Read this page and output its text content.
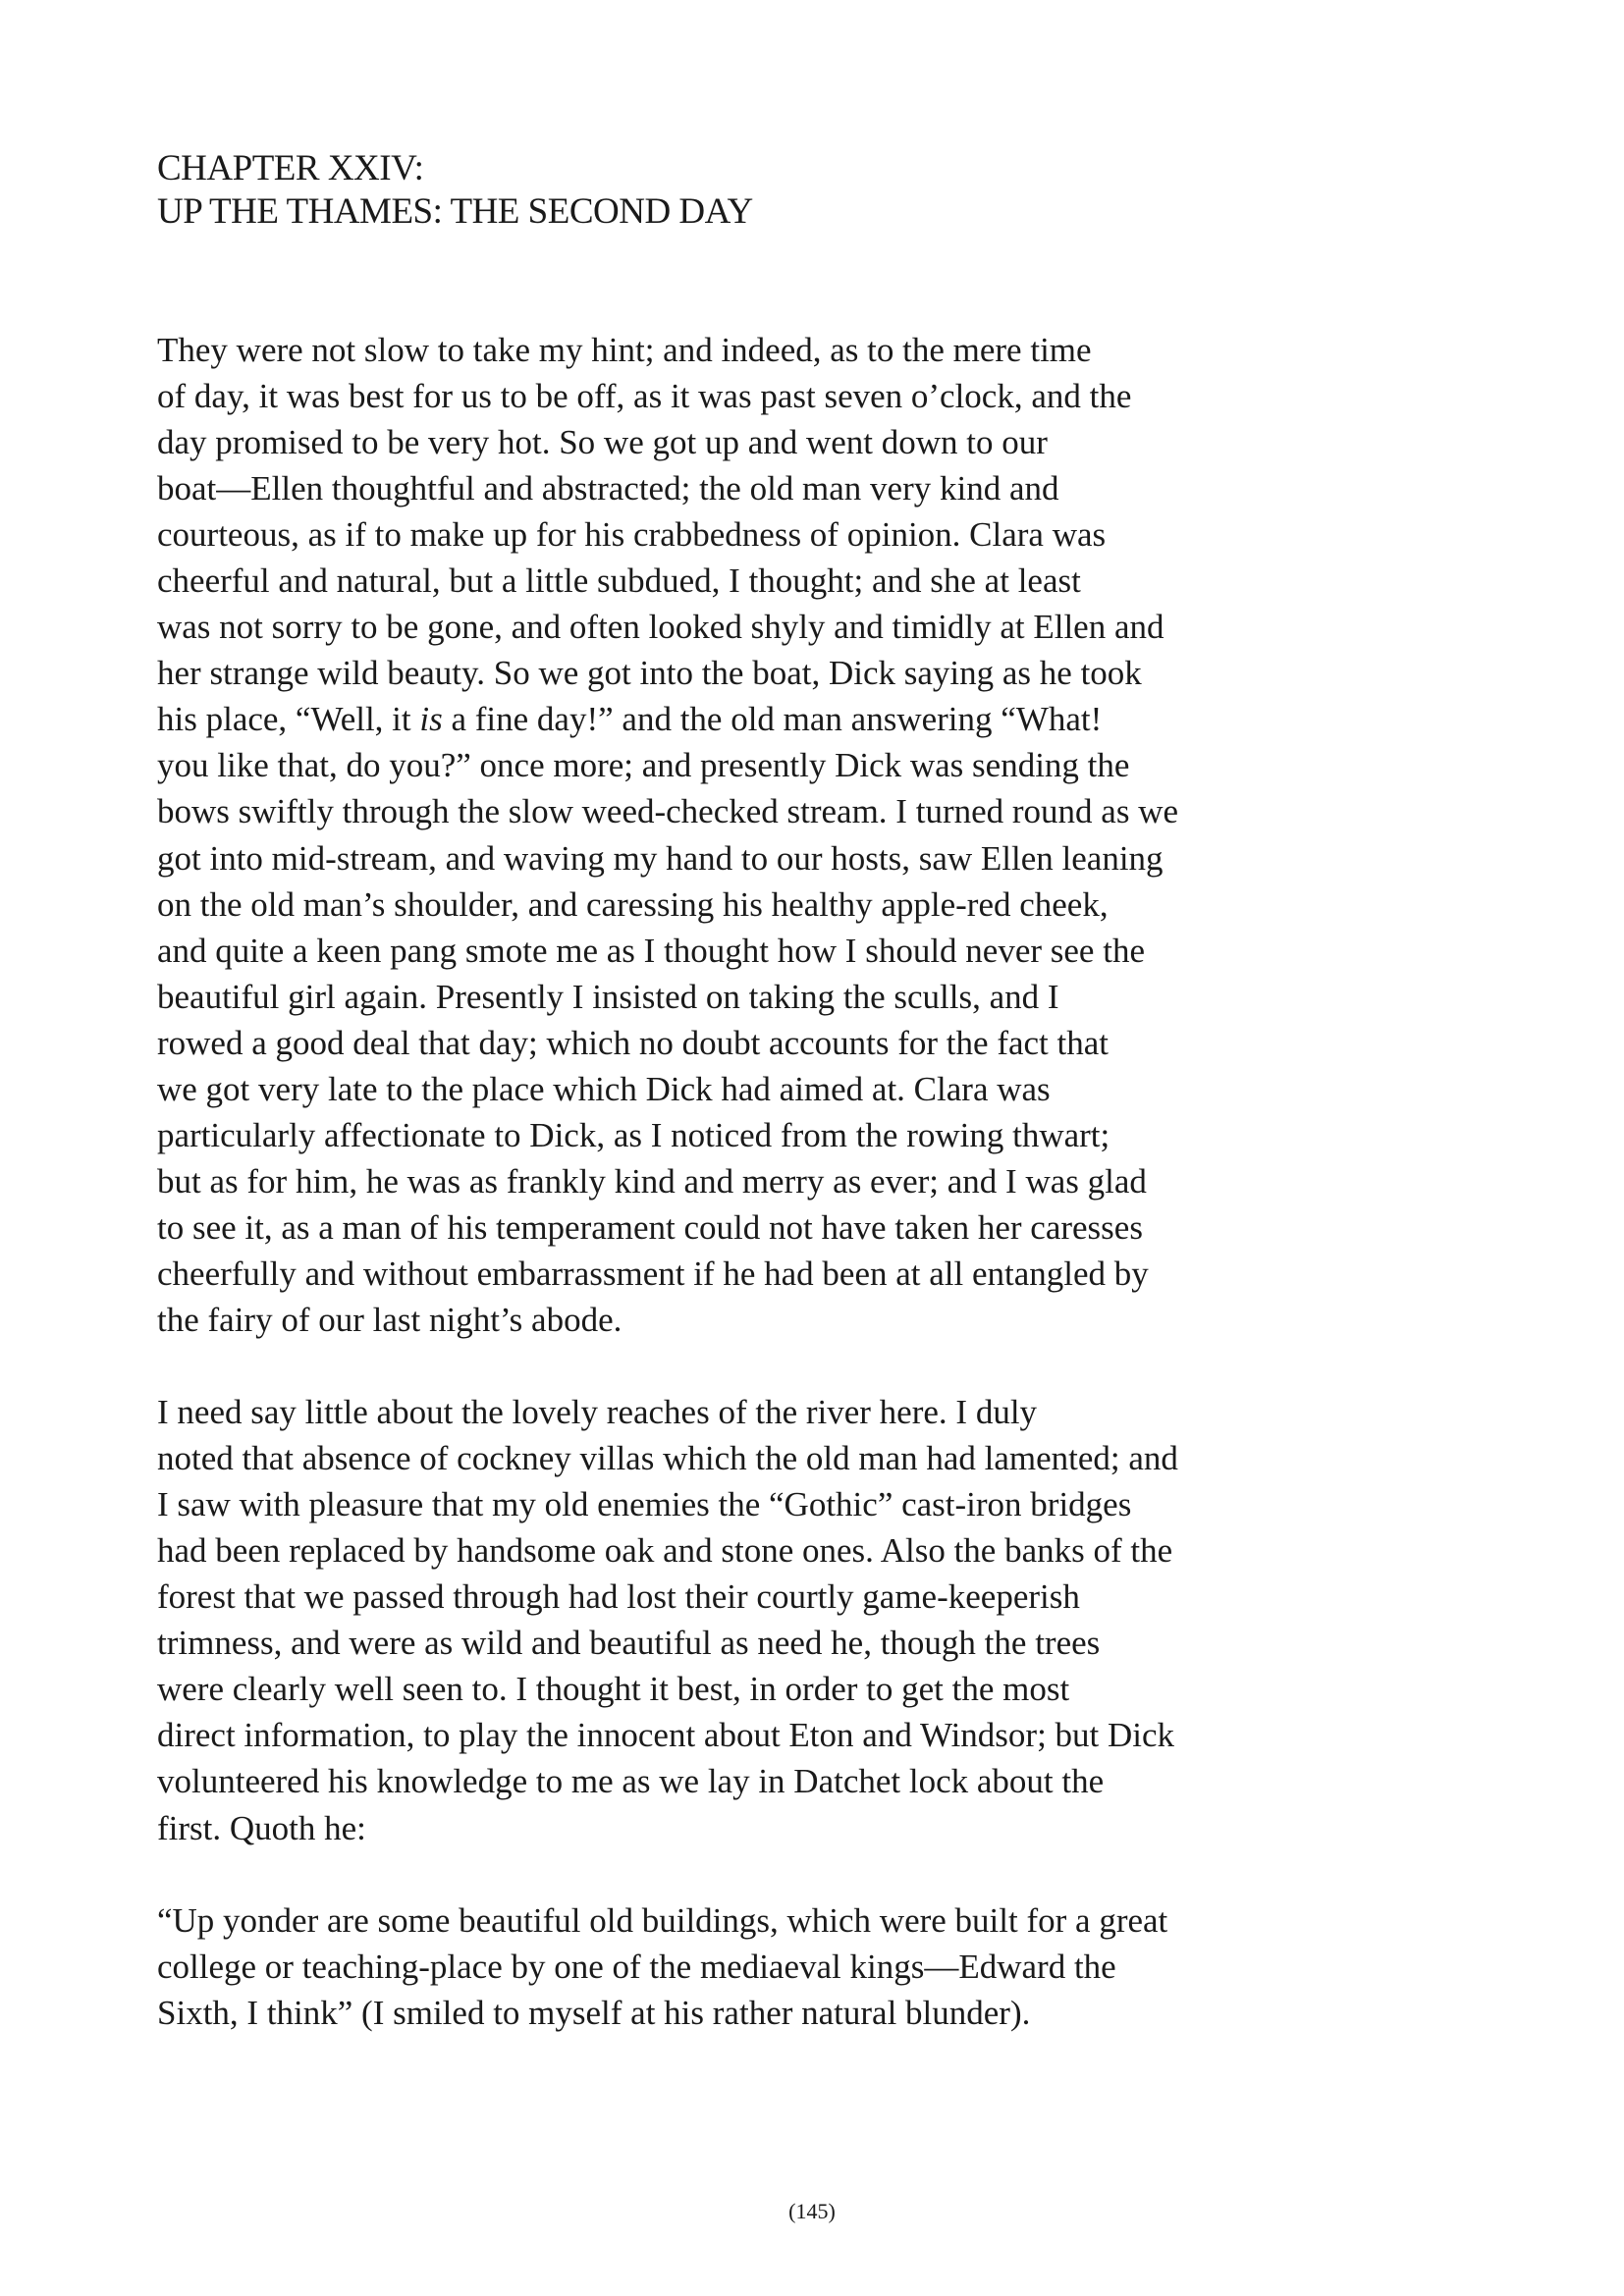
CHAPTER XXIV:
UP THE THAMES: THE SECOND DAY
They were not slow to take my hint; and indeed, as to the mere time
of day, it was best for us to be off, as it was past seven o’clock, and the
day promised to be very hot. So we got up and went down to our
boat—Ellen thoughtful and abstracted; the old man very kind and
courteous, as if to make up for his crabbedness of opinion. Clara was
cheerful and natural, but a little subdued, I thought; and she at least
was not sorry to be gone, and often looked shyly and timidly at Ellen and
her strange wild beauty. So we got into the boat, Dick saying as he took
his place, “Well, it is a fine day!” and the old man answering “What!
you like that, do you?” once more; and presently Dick was sending the
bows swiftly through the slow weed-checked stream. I turned round as we
got into mid-stream, and waving my hand to our hosts, saw Ellen leaning
on the old man’s shoulder, and caressing his healthy apple-red cheek,
and quite a keen pang smote me as I thought how I should never see the
beautiful girl again. Presently I insisted on taking the sculls, and I
rowed a good deal that day; which no doubt accounts for the fact that
we got very late to the place which Dick had aimed at. Clara was
particularly affectionate to Dick, as I noticed from the rowing thwart;
but as for him, he was as frankly kind and merry as ever; and I was glad
to see it, as a man of his temperament could not have taken her caresses
cheerfully and without embarrassment if he had been at all entangled by
the fairy of our last night’s abode.
I need say little about the lovely reaches of the river here. I duly
noted that absence of cockney villas which the old man had lamented; and
I saw with pleasure that my old enemies the “Gothic” cast-iron bridges
had been replaced by handsome oak and stone ones. Also the banks of the
forest that we passed through had lost their courtly game-keeperish
trimness, and were as wild and beautiful as need he, though the trees
were clearly well seen to. I thought it best, in order to get the most
direct information, to play the innocent about Eton and Windsor; but Dick
volunteered his knowledge to me as we lay in Datchet lock about the
first. Quoth he:
“Up yonder are some beautiful old buildings, which were built for a great
college or teaching-place by one of the mediaeval kings—Edward the
Sixth, I think” (I smiled to myself at his rather natural blunder).
(145)
